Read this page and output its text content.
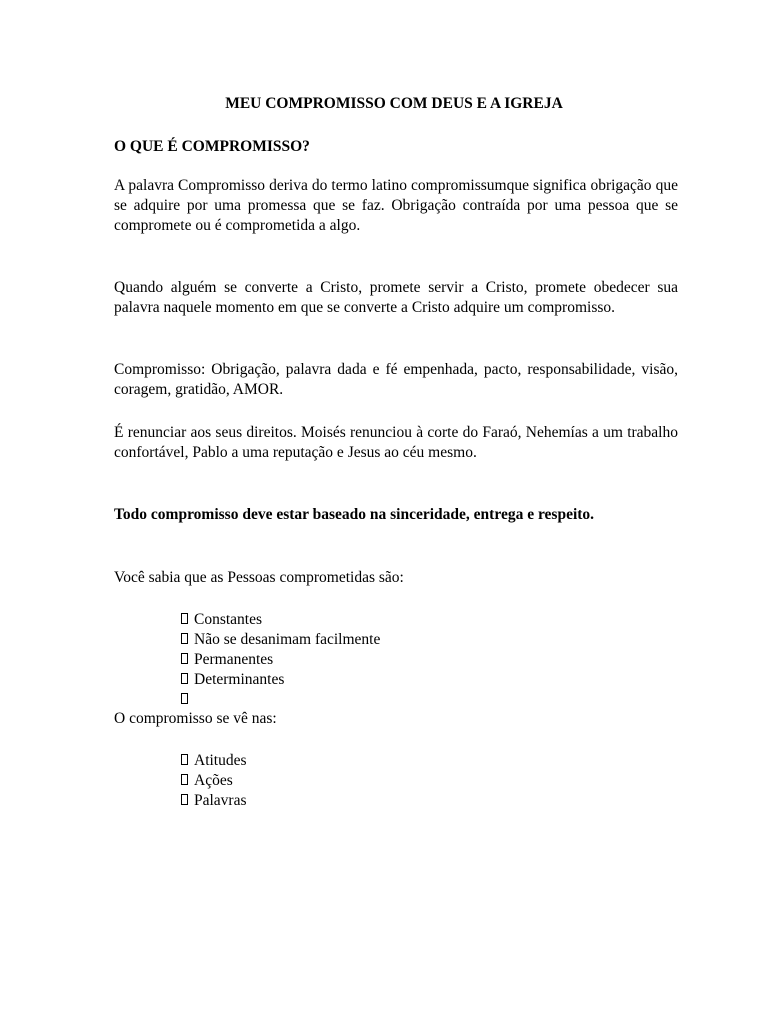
MEU COMPROMISSO COM DEUS E A IGREJA
O QUE É COMPROMISSO?
A palavra Compromisso deriva do termo latino compromissumque significa obrigação que se adquire por uma promessa que se faz. Obrigação contraída por uma pessoa que se compromete ou é comprometida a algo.
Quando alguém se converte a Cristo, promete servir a Cristo, promete obedecer sua palavra naquele momento em que se converte a Cristo adquire um compromisso.
Compromisso: Obrigação, palavra dada e fé empenhada, pacto, responsabilidade, visão, coragem, gratidão, AMOR.
É renunciar aos seus direitos. Moisés renunciou à corte do Faraó, Nehemías a um trabalho confortável, Pablo a uma reputação e Jesus ao céu mesmo.
Todo compromisso deve estar baseado na sinceridade, entrega e respeito.
Você sabia que as Pessoas comprometidas são:
Constantes
Não se desanimam facilmente
Permanentes
Determinantes
O compromisso se vê nas:
Atitudes
Ações
Palavras
